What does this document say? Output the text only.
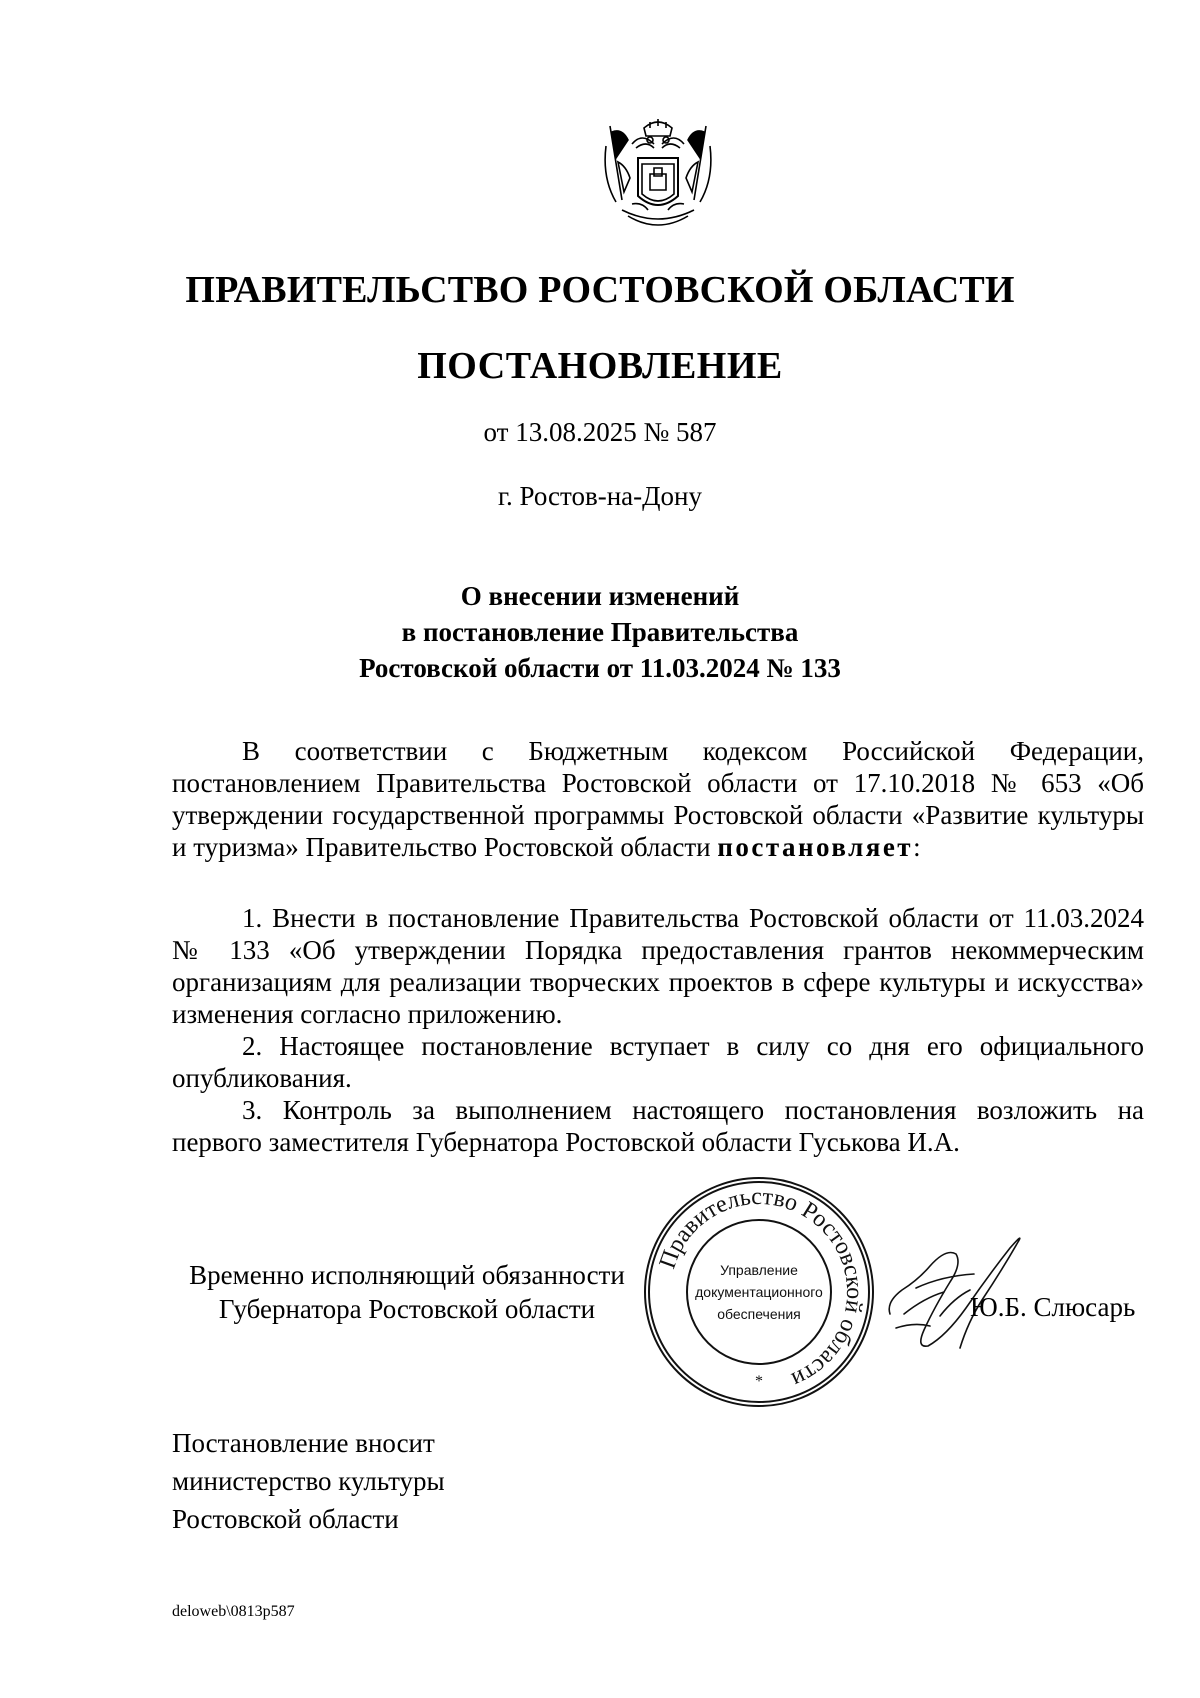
ПРАВИТЕЛЬСТВО РОСТОВСКОЙ ОБЛАСТИ
ПОСТАНОВЛЕНИЕ
от 13.08.2025 № 587
г. Ростов-на-Дону
О внесении изменений
в постановление Правительства
Ростовской области от 11.03.2024 № 133

В соответствии с Бюджетным кодексом Российской Федерации, постановлением Правительства Ростовской области от 17.10.2018 № 653 «Об утверждении государственной программы Ростовской области «Развитие культуры и туризма» Правительство Ростовской области постановляет:

1. Внести в постановление Правительства Ростовской области от 11.03.2024 № 133 «Об утверждении Порядка предоставления грантов некоммерческим организациям для реализации творческих проектов в сфере культуры и искусства» изменения согласно приложению.

2. Настоящее постановление вступает в силу со дня его официального опубликования.

3. Контроль за выполнением настоящего постановления возложить на первого заместителя Губернатора Ростовской области Гуськова И.А.

Временно исполняющий обязанности
Губернатора Ростовской области
Правительство Ростовской области
Управление
документационного
обеспечения
*
Ю.Б. Слюсарь
Постановление вносит
министерство культуры
Ростовской области
deloweb\0813p587
